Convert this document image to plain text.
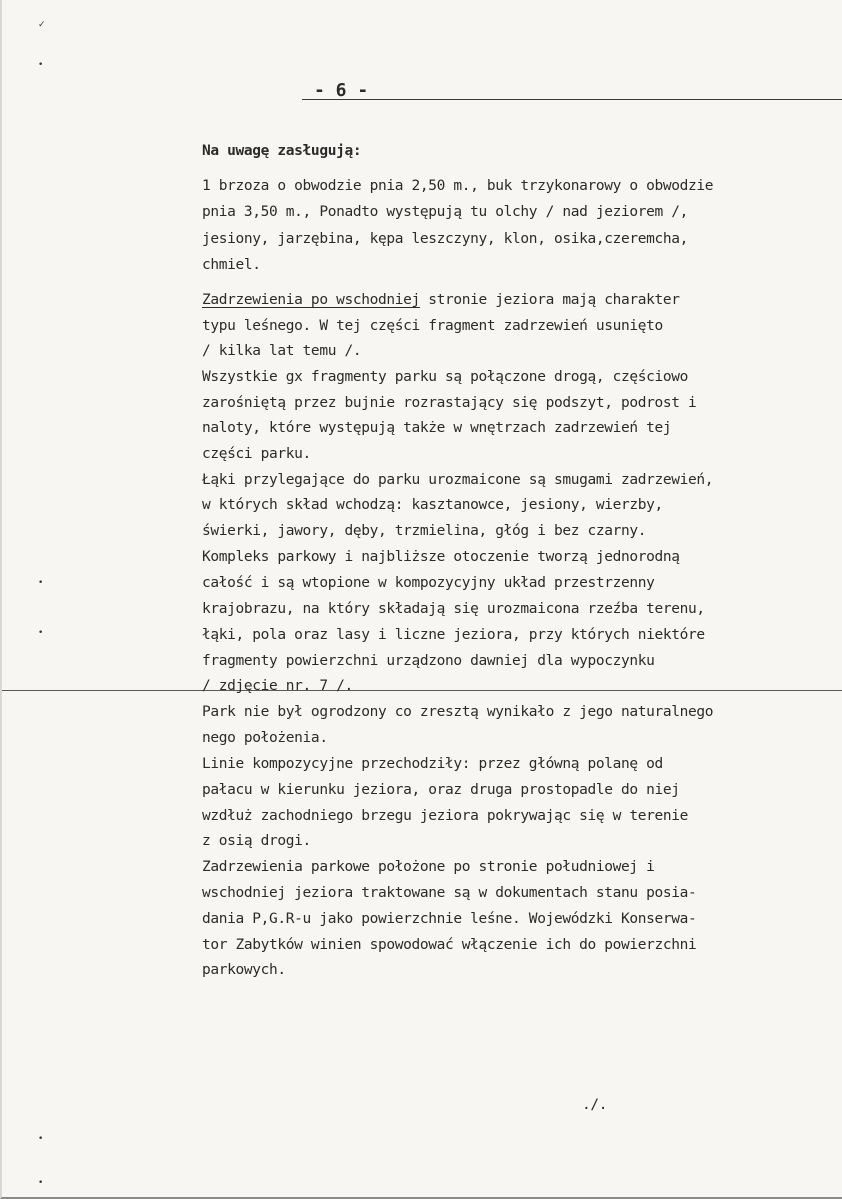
✓
•
•
•
•
•
- 6 -
Na uwagę zasługują:
1 brzoza o obwodzie pnia 2,50 m., buk trzykonarowy o obwodzie
pnia 3,50 m., Ponadto występują tu olchy / nad jeziorem /,
jesiony, jarzębina, kępa leszczyny, klon, osika,czeremcha,
chmiel.
Zadrzewienia po wschodniej stronie jeziora mają charakter
typu leśnego. W tej części fragment zadrzewień usunięto
/ kilka lat temu /.
Wszystkie gx fragmenty parku są połączone drogą, częściowo
zarośniętą przez bujnie rozrastający się podszyt, podrost i
naloty, które występują także w wnętrzach zadrzewień tej
części parku.
Łąki przylegające do parku urozmaicone są smugami zadrzewień,
w których skład wchodzą: kasztanowce, jesiony, wierzby,
świerki, jawory, dęby, trzmielina, głóg i bez czarny.
Kompleks parkowy i najbliższe otoczenie tworzą jednorodną
całość i są wtopione w kompozycyjny układ przestrzenny
krajobrazu, na który składają się urozmaicona rzeźba terenu,
łąki, pola oraz lasy i liczne jeziora, przy których niektóre
fragmenty powierzchni urządzono dawniej dla wypoczynku
/ zdjęcie nr. 7 /.
Park nie był ogrodzony co zresztą wynikało z jego naturalnego
nego położenia.
Linie kompozycyjne przechodziły: przez główną polanę od
pałacu w kierunku jeziora, oraz druga prostopadle do niej
wzdłuż zachodniego brzegu jeziora pokrywając się w terenie
z osią drogi.
Zadrzewienia parkowe położone po stronie południowej i
wschodniej jeziora traktowane są w dokumentach stanu posia-
dania P,G.R-u jako powierzchnie leśne. Wojewódzki Konserwa-
tor Zabytków winien spowodować włączenie ich do powierzchni
parkowych.
./.
